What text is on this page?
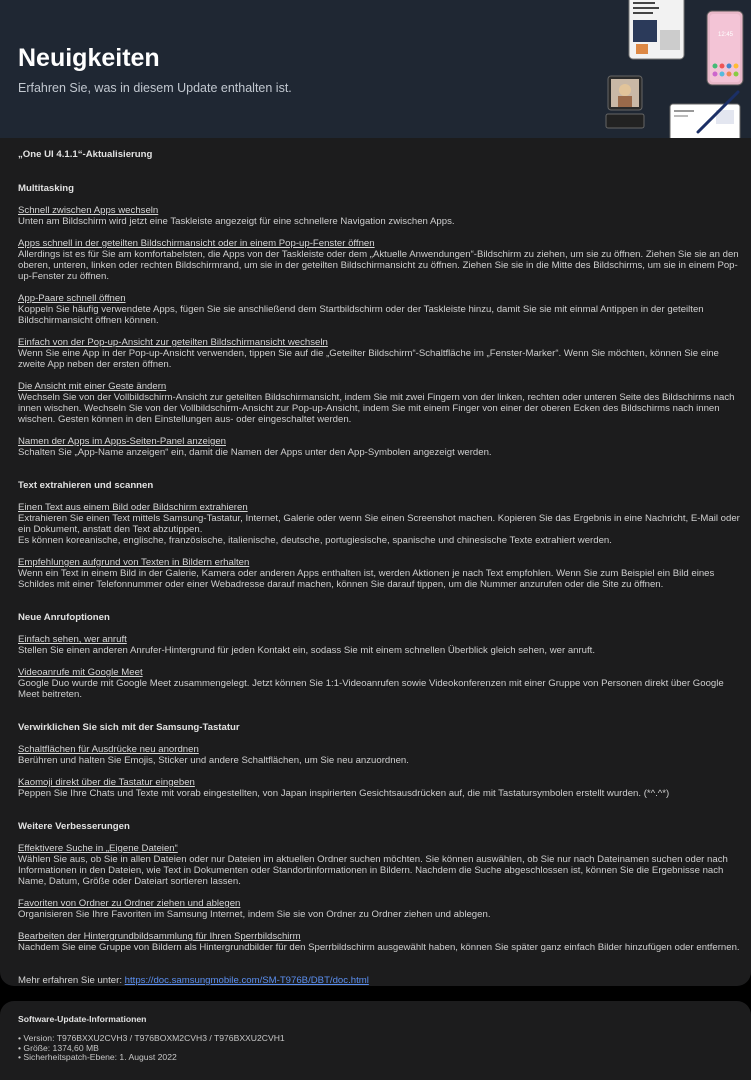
Neuigkeiten
Erfahren Sie, was in diesem Update enthalten ist.
12:45
„One UI 4.1.1“-Aktualisierung
Multitasking
Schnell zwischen Apps wechseln
Unten am Bildschirm wird jetzt eine Taskleiste angezeigt für eine schnellere Navigation zwischen Apps.
Apps schnell in der geteilten Bildschirmansicht oder in einem Pop-up-Fenster öffnen
Allerdings ist es für Sie am komfortabelsten, die Apps von der Taskleiste oder dem „Aktuelle Anwendungen“-Bildschirm zu ziehen, um sie zu öffnen. Ziehen Sie sie an den oberen, unteren, linken oder rechten Bildschirmrand, um sie in der geteilten Bildschirmansicht zu öffnen. Ziehen Sie sie in die Mitte des Bildschirms, um sie in einem Pop-up-Fenster zu öffnen.
App-Paare schnell öffnen
Koppeln Sie häufig verwendete Apps, fügen Sie sie anschließend dem Startbildschirm oder der Taskleiste hinzu, damit Sie sie mit einmal Antippen in der geteilten Bildschirmansicht öffnen können.
Einfach von der Pop-up-Ansicht zur geteilten Bildschirmansicht wechseln
Wenn Sie eine App in der Pop-up-Ansicht verwenden, tippen Sie auf die „Geteilter Bildschirm“-Schaltfläche im „Fenster-Marker“. Wenn Sie möchten, können Sie eine zweite App neben der ersten öffnen.
Die Ansicht mit einer Geste ändern
Wechseln Sie von der Vollbildschirm-Ansicht zur geteilten Bildschirmansicht, indem Sie mit zwei Fingern von der linken, rechten oder unteren Seite des Bildschirms nach innen wischen. Wechseln Sie von der Vollbildschirm-Ansicht zur Pop-up-Ansicht, indem Sie mit einem Finger von einer der oberen Ecken des Bildschirms nach innen wischen. Gesten können in den Einstellungen aus- oder eingeschaltet werden.
Namen der Apps im Apps-Seiten-Panel anzeigen
Schalten Sie „App-Name anzeigen“ ein, damit die Namen der Apps unter den App-Symbolen angezeigt werden.
Text extrahieren und scannen
Einen Text aus einem Bild oder Bildschirm extrahieren
Extrahieren Sie einen Text mittels Samsung-Tastatur, Internet, Galerie oder wenn Sie einen Screenshot machen. Kopieren Sie das Ergebnis in eine Nachricht, E-Mail oder ein Dokument, anstatt den Text abzutippen.
Es können koreanische, englische, französische, italienische, deutsche, portugiesische, spanische und chinesische Texte extrahiert werden.
Empfehlungen aufgrund von Texten in Bildern erhalten
Wenn ein Text in einem Bild in der Galerie, Kamera oder anderen Apps enthalten ist, werden Aktionen je nach Text empfohlen. Wenn Sie zum Beispiel ein Bild eines Schildes mit einer Telefonnummer oder einer Webadresse darauf machen, können Sie darauf tippen, um die Nummer anzurufen oder die Site zu öffnen.
Neue Anrufoptionen
Einfach sehen, wer anruft
Stellen Sie einen anderen Anrufer-Hintergrund für jeden Kontakt ein, sodass Sie mit einem schnellen Überblick gleich sehen, wer anruft.
Videoanrufe mit Google Meet
Google Duo wurde mit Google Meet zusammengelegt. Jetzt können Sie 1:1-Videoanrufen sowie Videokonferenzen mit einer Gruppe von Personen direkt über Google Meet beitreten.
Verwirklichen Sie sich mit der Samsung-Tastatur
Schaltflächen für Ausdrücke neu anordnen
Berühren und halten Sie Emojis, Sticker und andere Schaltflächen, um Sie neu anzuordnen.
Kaomoji direkt über die Tastatur eingeben
Peppen Sie Ihre Chats und Texte mit vorab eingestellten, von Japan inspirierten Gesichtsausdrücken auf, die mit Tastatursymbolen erstellt wurden. (*^.^*)
Weitere Verbesserungen
Effektivere Suche in „Eigene Dateien“
Wählen Sie aus, ob Sie in allen Dateien oder nur Dateien im aktuellen Ordner suchen möchten. Sie können auswählen, ob Sie nur nach Dateinamen suchen oder nach Informationen in den Dateien, wie Text in Dokumenten oder Standortinformationen in Bildern. Nachdem die Suche abgeschlossen ist, können Sie die Ergebnisse nach Name, Datum, Größe oder Dateiart sortieren lassen.
Favoriten von Ordner zu Ordner ziehen und ablegen
Organisieren Sie Ihre Favoriten im Samsung Internet, indem Sie sie von Ordner zu Ordner ziehen und ablegen.
Bearbeiten der Hintergrundbildsammlung für Ihren Sperrbildschirm
Nachdem Sie eine Gruppe von Bildern als Hintergrundbilder für den Sperrbildschirm ausgewählt haben, können Sie später ganz einfach Bilder hinzufügen oder entfernen.
Mehr erfahren Sie unter: https://doc.samsungmobile.com/SM-T976B/DBT/doc.html
Software-Update-Informationen
• Version: T976BXXU2CVH3 / T976BOXM2CVH3 / T976BXXU2CVH1
• Größe: 1374,60 MB
• Sicherheitspatch-Ebene: 1. August 2022
